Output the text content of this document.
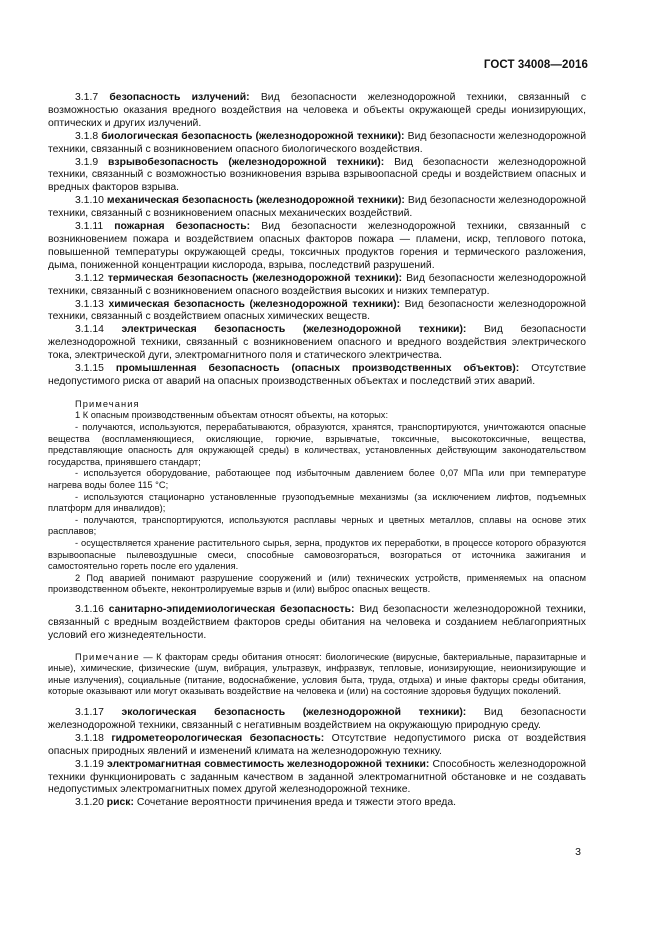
ГОСТ 34008—2016

3.1.7 безопасность излучений: Вид безопасности железнодорожной техники, связанный с возможностью оказания вредного воздействия на человека и объекты окружающей среды ионизирующих, оптических и других излучений.

3.1.8 биологическая безопасность (железнодорожной техники): Вид безопасности железнодорожной техники, связанный с возникновением опасного биологического воздействия.

3.1.9 взрывобезопасность (железнодорожной техники): Вид безопасности железнодорожной техники, связанный с возможностью возникновения взрыва взрывоопасной среды и воздействием опасных и вредных факторов взрыва.

3.1.10 механическая безопасность (железнодорожной техники): Вид безопасности железнодорожной техники, связанный с возникновением опасных механических воздействий.

3.1.11 пожарная безопасность: Вид безопасности железнодорожной техники, связанный с возникновением пожара и воздействием опасных факторов пожара — пламени, искр, теплового потока, повышенной температуры окружающей среды, токсичных продуктов горения и термического разложения, дыма, пониженной концентрации кислорода, взрыва, последствий разрушений.

3.1.12 термическая безопасность (железнодорожной техники): Вид безопасности железнодорожной техники, связанный с возникновением опасного воздействия высоких и низких температур.

3.1.13 химическая безопасность (железнодорожной техники): Вид безопасности железнодорожной техники, связанный с воздействием опасных химических веществ.

3.1.14 электрическая безопасность (железнодорожной техники): Вид безопасности железнодорожной техники, связанный с возникновением опасного и вредного воздействия электрического тока, электрической дуги, электромагнитного поля и статического электричества.

3.1.15 промышленная безопасность (опасных производственных объектов): Отсутствие недопустимого риска от аварий на опасных производственных объектах и последствий этих аварий.

Примечания

1 К опасным производственным объектам относят объекты, на которых:

- получаются, используются, перерабатываются, образуются, хранятся, транспортируются, уничтожаются опасные вещества (воспламеняющиеся, окисляющие, горючие, взрывчатые, токсичные, высокотоксичные, вещества, представляющие опасность для окружающей среды) в количествах, установленных действующим законодательством государства, принявшего стандарт;

- используется оборудование, работающее под избыточным давлением более 0,07 МПа или при температуре нагрева воды более 115 °С;

- используются стационарно установленные грузоподъемные механизмы (за исключением лифтов, подъемных платформ для инвалидов);

- получаются, транспортируются, используются расплавы черных и цветных металлов, сплавы на основе этих расплавов;

- осуществляется хранение растительного сырья, зерна, продуктов их переработки, в процессе которого образуются взрывоопасные пылевоздушные смеси, способные самовозгораться, возгораться от источника зажигания и самостоятельно гореть после его удаления.

2 Под аварией понимают разрушение сооружений и (или) технических устройств, применяемых на опасном производственном объекте, неконтролируемые взрыв и (или) выброс опасных веществ.

3.1.16 санитарно-эпидемиологическая безопасность: Вид безопасности железнодорожной техники, связанный с вредным воздействием факторов среды обитания на человека и созданием неблагоприятных условий его жизнедеятельности.

Примечание — К факторам среды обитания относят: биологические (вирусные, бактериальные, паразитарные и иные), химические, физические (шум, вибрация, ультразвук, инфразвук, тепловые, ионизирующие, неионизирующие и иные излучения), социальные (питание, водоснабжение, условия быта, труда, отдыха) и иные факторы среды обитания, которые оказывают или могут оказывать воздействие на человека и (или) на состояние здоровья будущих поколений.

3.1.17 экологическая безопасность (железнодорожной техники): Вид безопасности железнодорожной техники, связанный с негативным воздействием на окружающую природную среду.

3.1.18 гидрометеорологическая безопасность: Отсутствие недопустимого риска от воздействия опасных природных явлений и изменений климата на железнодорожную технику.

3.1.19 электромагнитная совместимость железнодорожной техники: Способность железнодорожной техники функционировать с заданным качеством в заданной электромагнитной обстановке и не создавать недопустимых электромагнитных помех другой железнодорожной технике.

3.1.20 риск: Сочетание вероятности причинения вреда и тяжести этого вреда.

3
